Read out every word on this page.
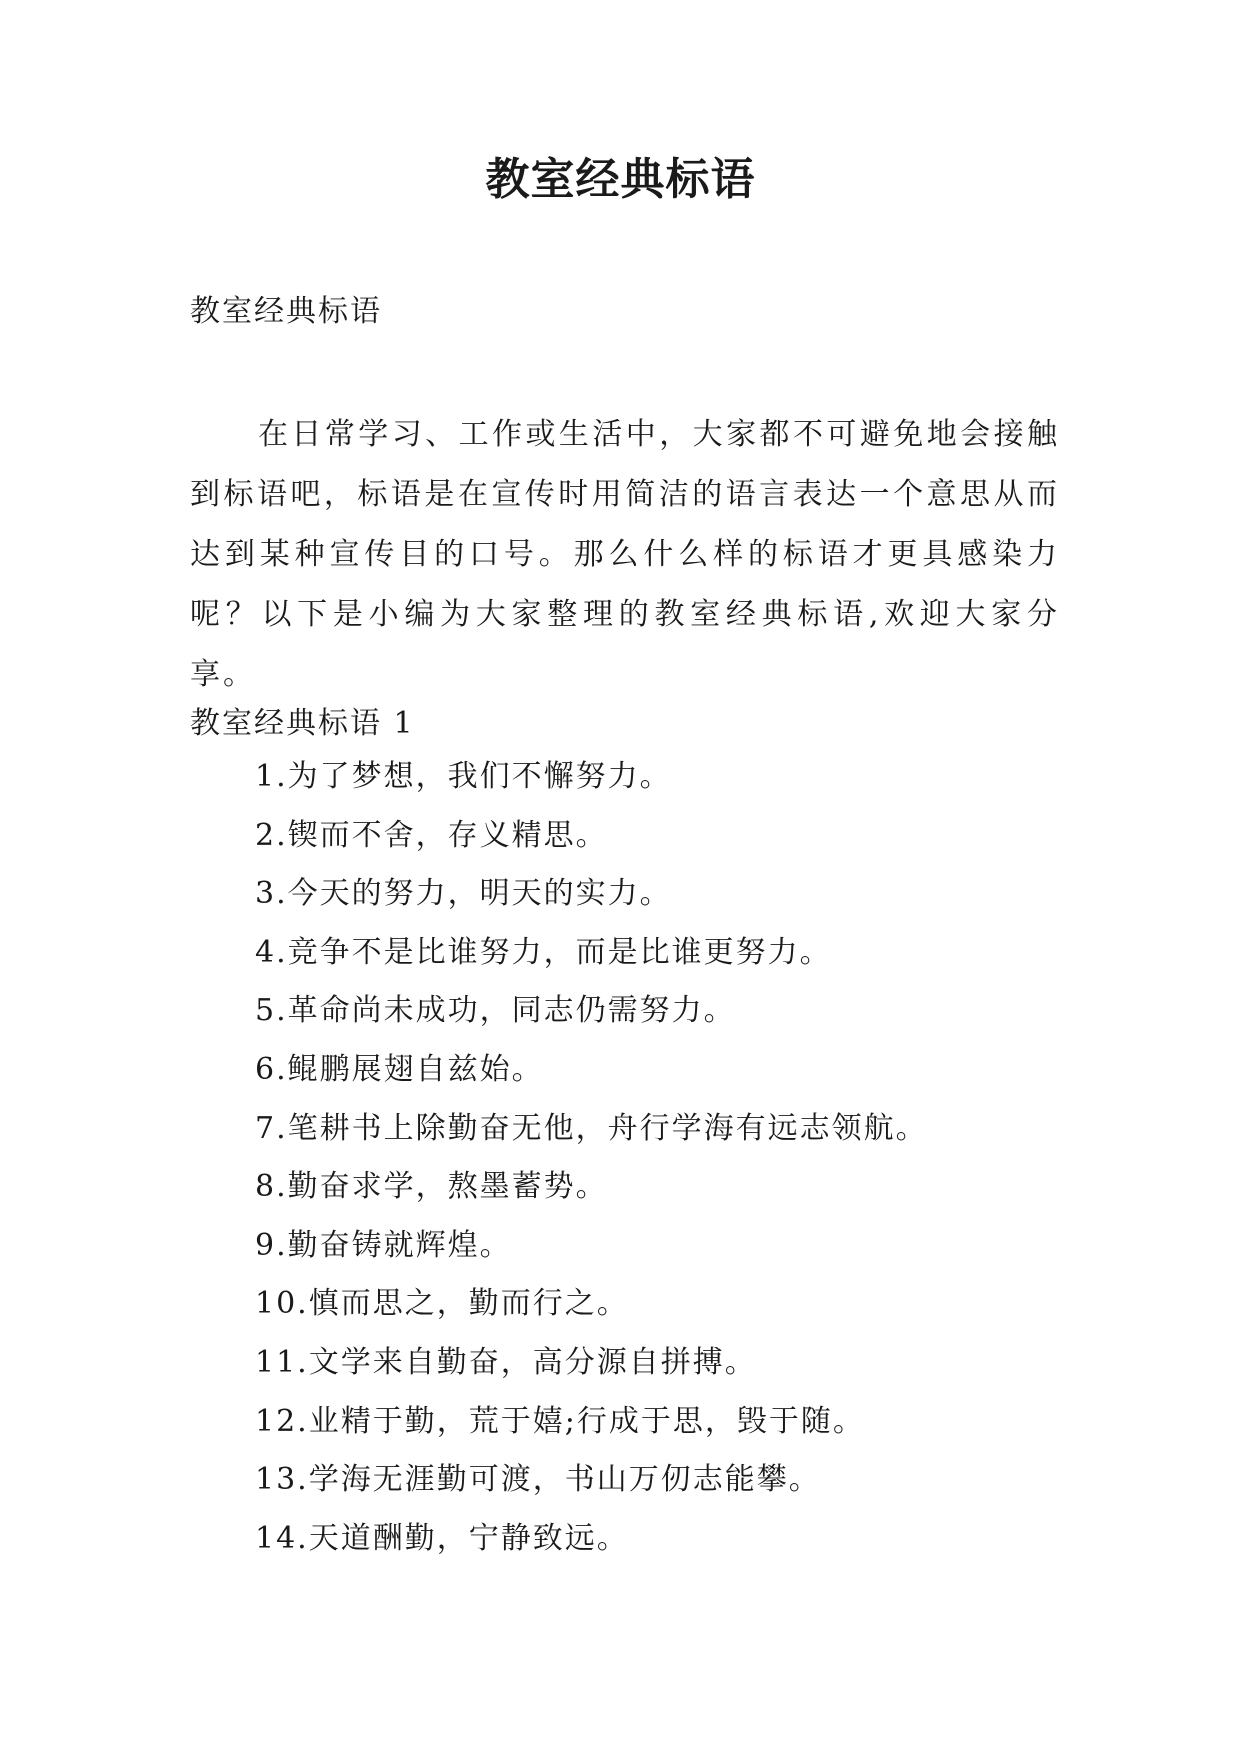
教室经典标语
教室经典标语

在日常学习、工作或生活中，大家都不可避免地会接触到标语吧，标语是在宣传时用简洁的语言表达一个意思从而达到某种宣传目的口号。那么什么样的标语才更具感染力呢？以下是小编为大家整理的教室经典标语,欢迎大家分享。

教室经典标语 1
1.为了梦想，我们不懈努力。
2.锲而不舍，存义精思。
3.今天的努力，明天的实力。
4.竞争不是比谁努力，而是比谁更努力。
5.革命尚未成功，同志仍需努力。
6.鲲鹏展翅自兹始。
7.笔耕书上除勤奋无他，舟行学海有远志领航。
8.勤奋求学，熬墨蓄势。
9.勤奋铸就辉煌。
10.慎而思之，勤而行之。
11.文学来自勤奋，高分源自拼搏。
12.业精于勤，荒于嬉;行成于思，毁于随。
13.学海无涯勤可渡，书山万仞志能攀。
14.天道酬勤，宁静致远。
